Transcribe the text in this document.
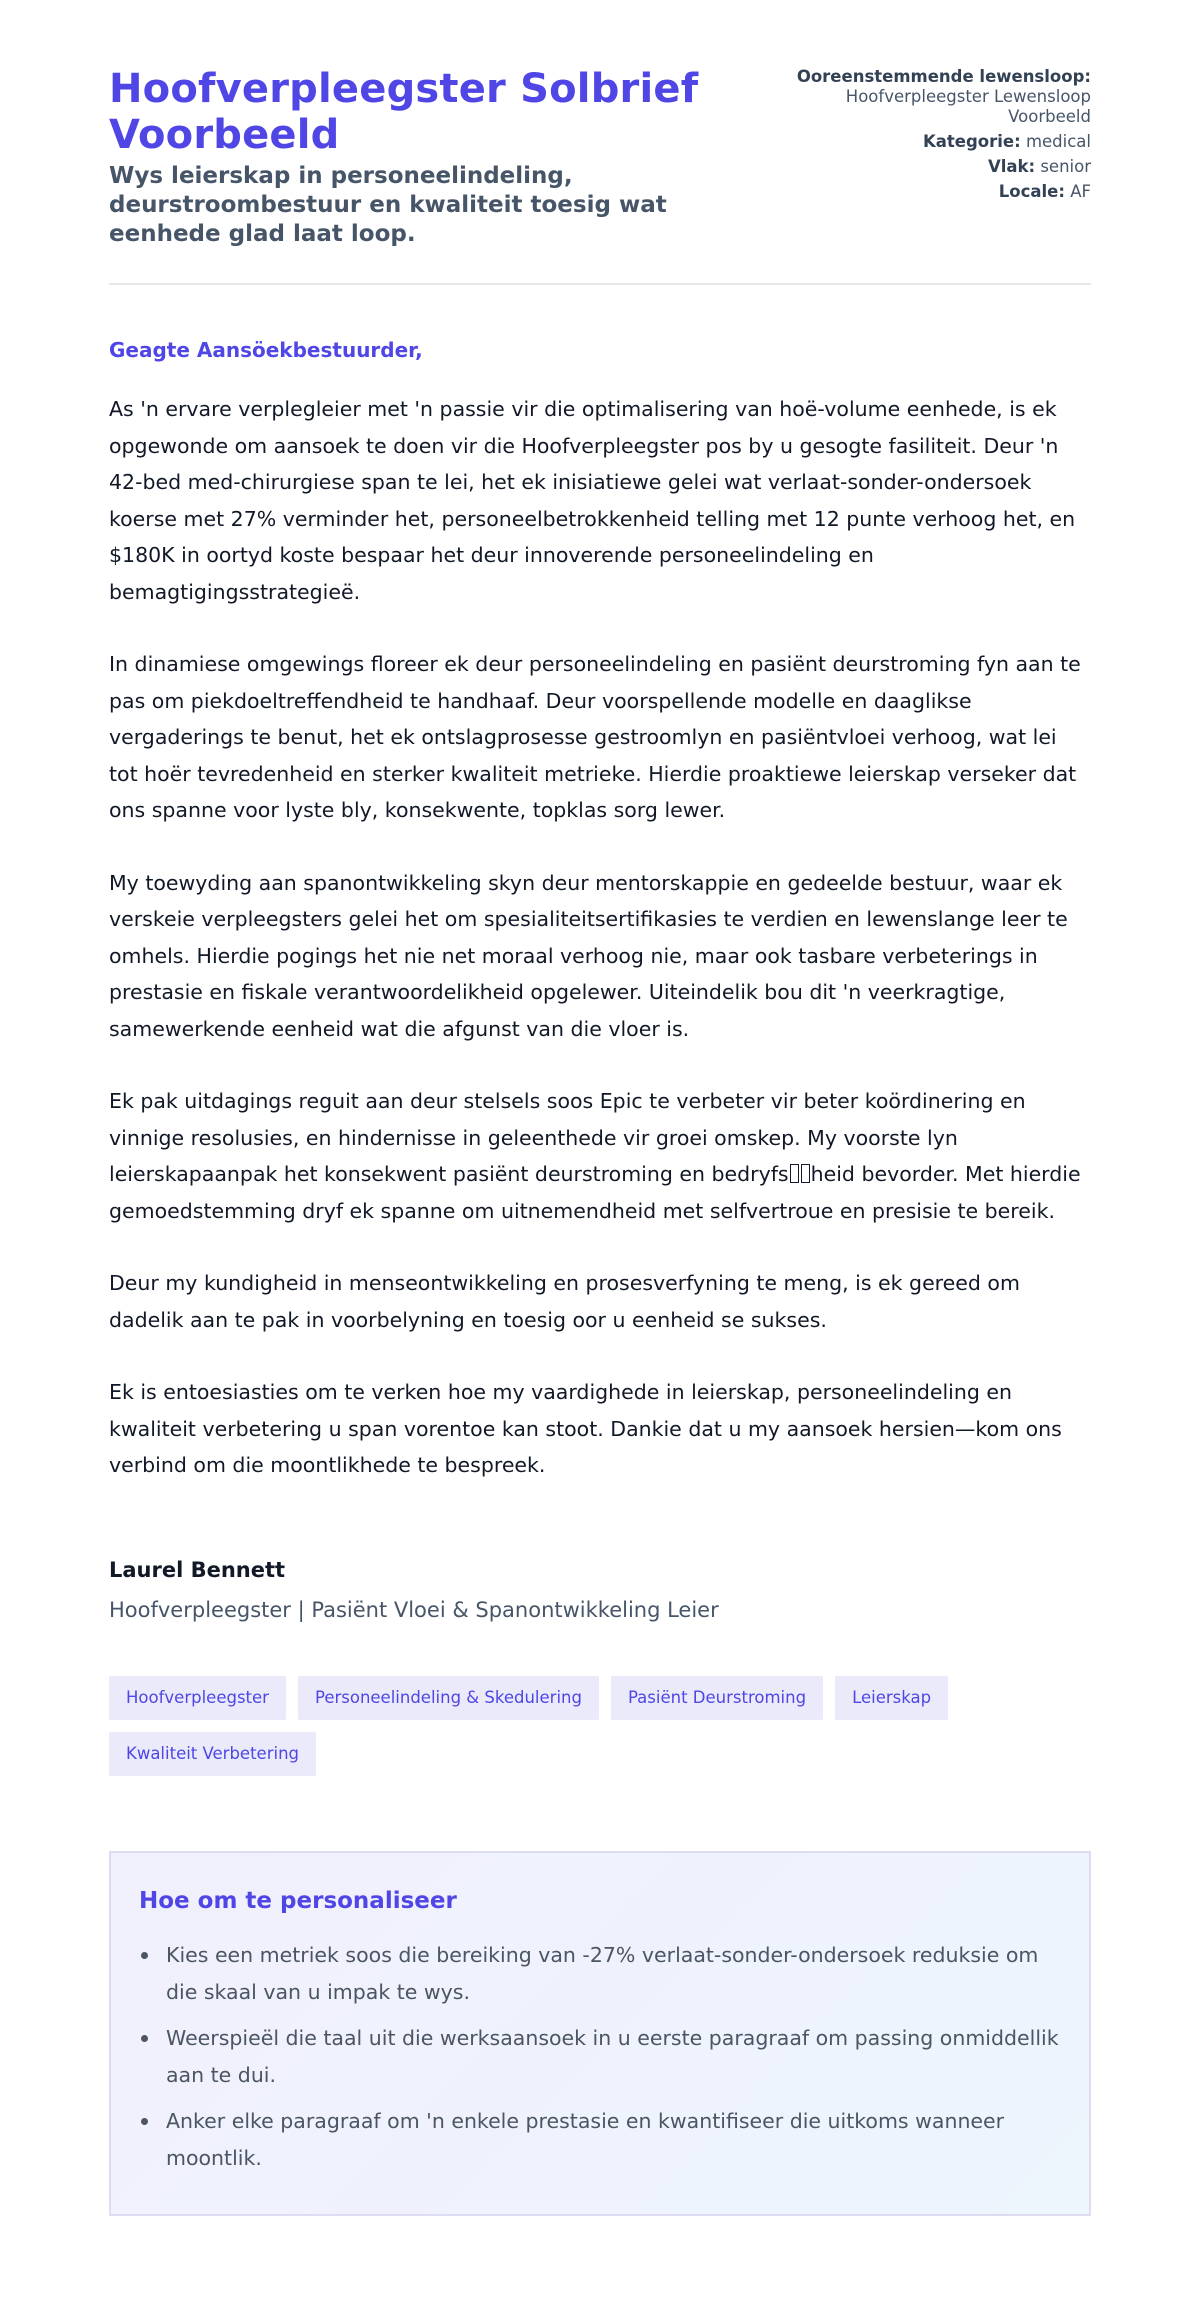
Hoofverpleegster Solbrief Voorbeeld
Wys leierskap in personeelindeling, deurstroombestuur en kwaliteit toesig wat eenhede glad laat loop.
Ooreenstemmende lewensloop: Hoofverpleegster Lewensloop Voorbeeld
Kategorie: medical
Vlak: senior
Locale: AF

Geagte Aansöekbestuurder,

As 'n ervare verplegleier met 'n passie vir die optimalisering van hoë-volume eenhede, is ek opgewonde om aansoek te doen vir die Hoofverpleegster pos by u gesogte fasiliteit. Deur 'n 42-bed med-chirurgiese span te lei, het ek inisiatiewe gelei wat verlaat-sonder-ondersoek koerse met 27% verminder het, personeelbetrokkenheid telling met 12 punte verhoog het, en $180K in oortyd koste bespaar het deur innoverende personeelindeling en bemagtigingsstrategieë.

In dinamiese omgewings floreer ek deur personeelindeling en pasiënt deurstroming fyn aan te pas om piekdoeltreffendheid te handhaaf. Deur voorspellende modelle en daaglikse vergaderings te benut, het ek ontslagprosesse gestroomlyn en pasiëntvloei verhoog, wat lei tot hoër tevredenheid en sterker kwaliteit metrieke. Hierdie proaktiewe leierskap verseker dat ons spanne voor lyste bly, konsekwente, topklas sorg lewer.

My toewyding aan spanontwikkeling skyn deur mentorskappie en gedeelde bestuur, waar ek verskeie verpleegsters gelei het om spesialiteitsertifikasies te verdien en lewenslange leer te omhels. Hierdie pogings het nie net moraal verhoog nie, maar ook tasbare verbeterings in prestasie en fiskale verantwoordelikheid opgelewer. Uiteindelik bou dit 'n veerkragtige, samewerkende eenheid wat die afgunst van die vloer is.

Ek pak uitdagings reguit aan deur stelsels soos Epic te verbeter vir beter koördinering en vinnige resolusies, en hindernisse in geleenthede vir groei omskep. My voorste lyn leierskapaanpak het konsekwent pasiënt deurstroming en bedryfs heid bevorder. Met hierdie gemoedstemming dryf ek spanne om uitnemendheid met selfvertroue en presisie te bereik.

Deur my kundigheid in menseontwikkeling en prosesverfyning te meng, is ek gereed om dadelik aan te pak in voorbelyning en toesig oor u eenheid se sukses.

Ek is entoesiasties om te verken hoe my vaardighede in leierskap, personeelindeling en kwaliteit verbetering u span vorentoe kan stoot. Dankie dat u my aansoek hersien—kom ons verbind om die moontlikhede te bespreek.

Laurel Bennett
Hoofverpleegster | Pasiënt Vloei & Spanontwikkeling Leier
Hoofverpleegster	Personeelindeling & Skedulering	Pasiënt Deurstroming	Leierskap
Kwaliteit Verbetering
Hoe om te personaliseer
Kies een metriek soos die bereiking van -27% verlaat-sonder-ondersoek reduksie om die skaal van u impak te wys.
Weerspieël die taal uit die werksaansoek in u eerste paragraaf om passing onmiddellik aan te dui.
Anker elke paragraaf om 'n enkele prestasie en kwantifiseer die uitkoms wanneer moontlik.
